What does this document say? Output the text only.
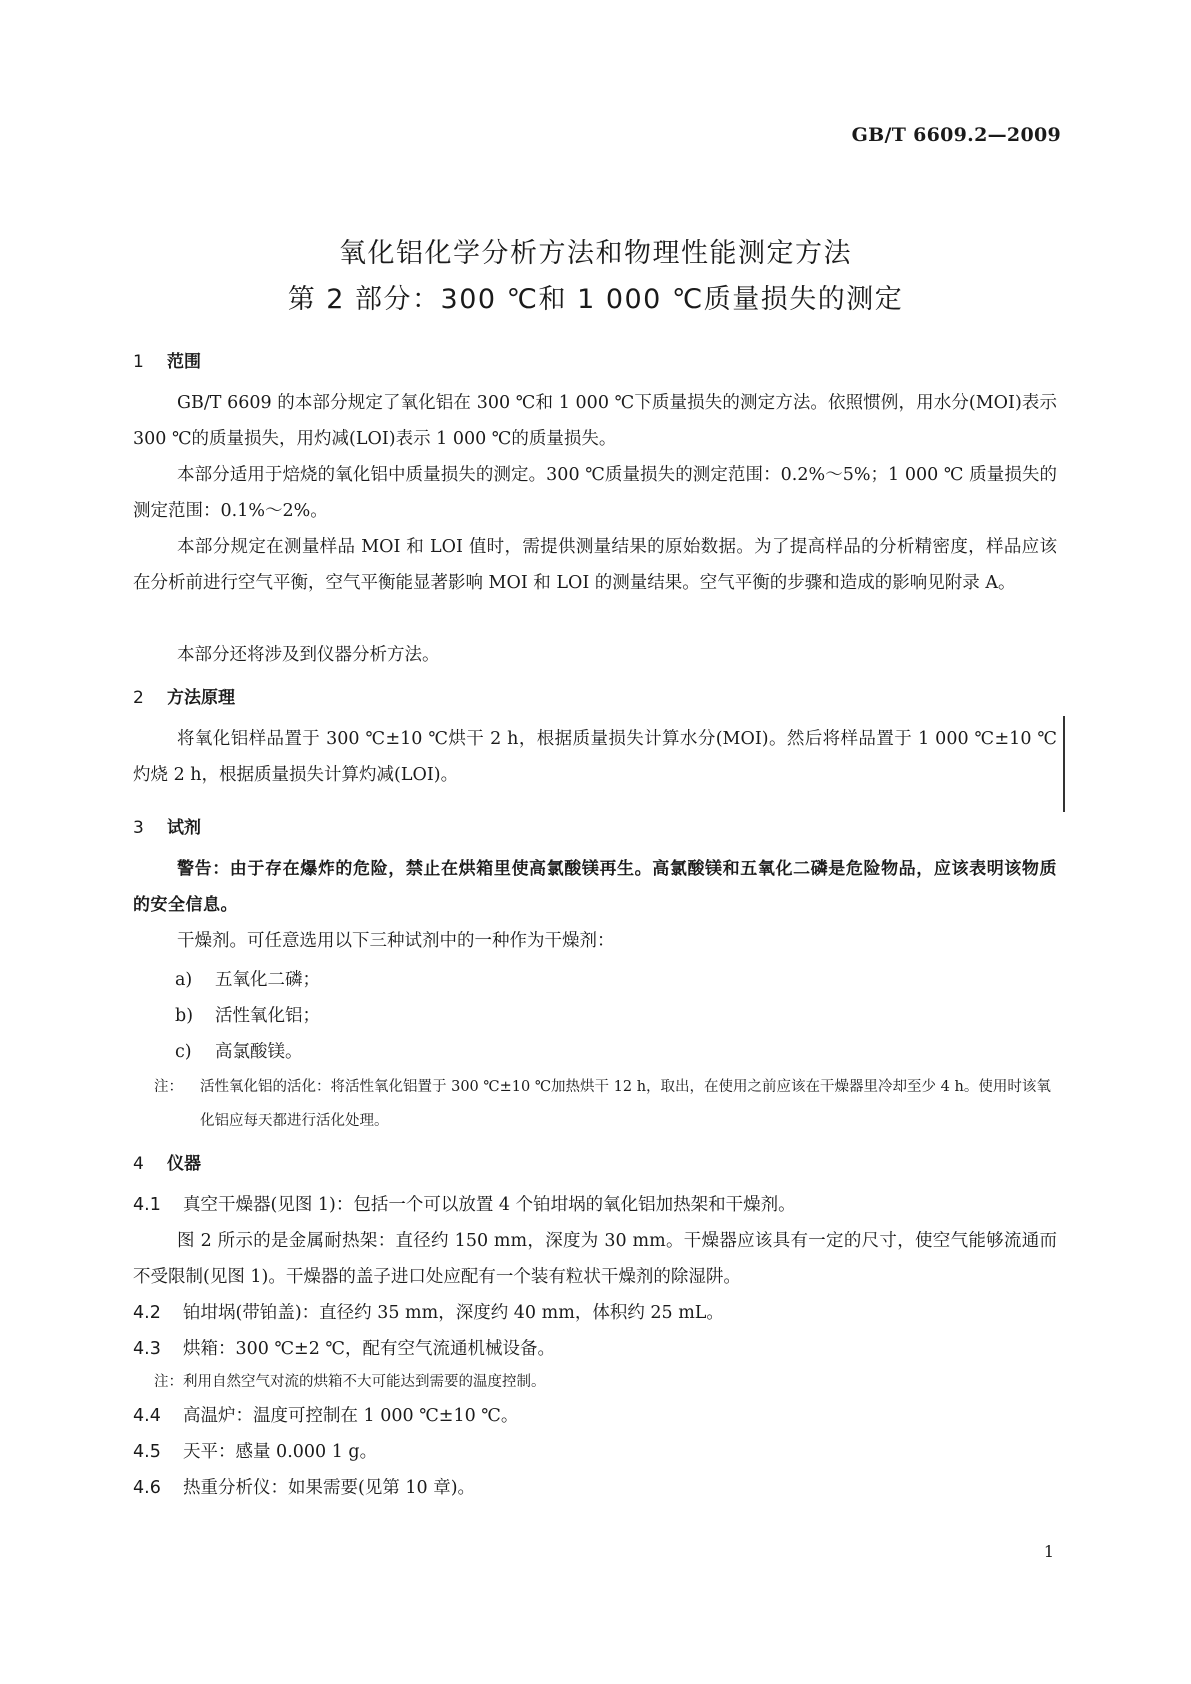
GB/T 6609.2—2009
氧化铝化学分析方法和物理性能测定方法
第 2 部分：300 ℃和 1 000 ℃质量损失的测定
1 范围
GB/T 6609 的本部分规定了氧化铝在 300 ℃和 1 000 ℃下质量损失的测定方法。依照惯例，用水分(MOI)表示 300 ℃的质量损失，用灼减(LOI)表示 1 000 ℃的质量损失。
本部分适用于焙烧的氧化铝中质量损失的测定。300 ℃质量损失的测定范围：0.2%～5%；1 000 ℃ 质量损失的测定范围：0.1%～2%。
本部分规定在测量样品 MOI 和 LOI 值时，需提供测量结果的原始数据。为了提高样品的分析精密度，样品应该在分析前进行空气平衡，空气平衡能显著影响 MOI 和 LOI 的测量结果。空气平衡的步骤和造成的影响见附录 A。
本部分还将涉及到仪器分析方法。
2 方法原理
将氧化铝样品置于 300 ℃±10 ℃烘干 2 h，根据质量损失计算水分(MOI)。然后将样品置于 1 000 ℃±10 ℃ 灼烧 2 h，根据质量损失计算灼减(LOI)。
3 试剂
警告：由于存在爆炸的危险，禁止在烘箱里使高氯酸镁再生。高氯酸镁和五氧化二磷是危险物品，应该表明该物质的安全信息。
干燥剂。可任意选用以下三种试剂中的一种作为干燥剂：
a) 五氧化二磷；
b) 活性氧化铝；
c) 高氯酸镁。
注： 活性氧化铝的活化：将活性氧化铝置于 300 ℃±10 ℃加热烘干 12 h，取出，在使用之前应该在干燥器里冷却至少 4 h。使用时该氧化铝应每天都进行活化处理。
4 仪器
4.1 真空干燥器(见图 1)：包括一个可以放置 4 个铂坩埚的氧化铝加热架和干燥剂。
图 2 所示的是金属耐热架：直径约 150 mm，深度为 30 mm。干燥器应该具有一定的尺寸，使空气能够流通而不受限制(见图 1)。干燥器的盖子进口处应配有一个装有粒状干燥剂的除湿阱。
4.2 铂坩埚(带铂盖)：直径约 35 mm，深度约 40 mm，体积约 25 mL。
4.3 烘箱：300 ℃±2 ℃，配有空气流通机械设备。
注：利用自然空气对流的烘箱不大可能达到需要的温度控制。
4.4 高温炉：温度可控制在 1 000 ℃±10 ℃。
4.5 天平：感量 0.000 1 g。
4.6 热重分析仪：如果需要(见第 10 章)。
1
